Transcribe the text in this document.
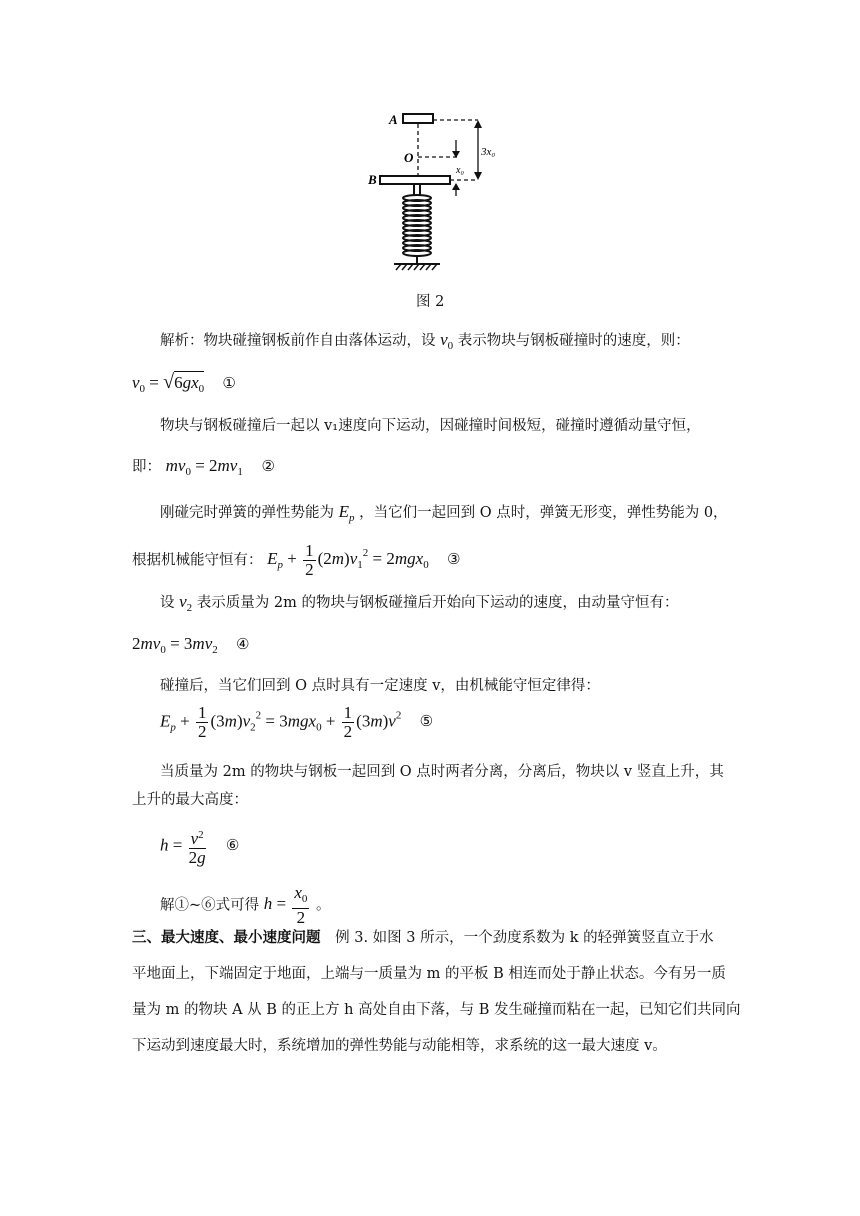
A
O
B
3x₀
x₀
图 2
解析：物块碰撞钢板前作自由落体运动，设 $v_0$ 表示物块与钢板碰撞时的速度，则：
$v_0 = √6gx_0$ ①
物块与钢板碰撞后一起以 v₁速度向下运动，因碰撞时间极短，碰撞时遵循动量守恒，
即： $mv_0 = 2mv_1$ ②
刚碰完时弹簧的弹性势能为 $E_p$ ，当它们一起回到 O 点时，弹簧无形变，弹性势能为 0，
根据机械能守恒有： $E_p + \frac{1}{2} (2m)v_1^2 = 2mgx_0$ ③
设 $v_2$ 表示质量为 2m 的物块与钢板碰撞后开始向下运动的速度，由动量守恒有：
$2mv_0 = 3mv_2$ ④
碰撞后，当它们回到 O 点时具有一定速度 v，由机械能守恒定律得：
$E_p + \frac{1}{2} (3m)v_2^2 = 3mgx_0 + \frac{1}{2} (3m)v^2$ ⑤
当质量为 2m 的物块与钢板一起回到 O 点时两者分离，分离后，物块以 v 竖直上升，其
上升的最大高度：
$h = \frac{v^2}{2g}$ ⑥
解①~⑥式可得 $h = \frac{x_0}{2}$ 。
三、最大速度、最小速度问题 例 3. 如图 3 所示，一个劲度系数为 k 的轻弹簧竖直立于水
平地面上，下端固定于地面，上端与一质量为 m 的平板 B 相连而处于静止状态。今有另一质
量为 m 的物块 A 从 B 的正上方 h 高处自由下落，与 B 发生碰撞而粘在一起，已知它们共同向
下运动到速度最大时，系统增加的弹性势能与动能相等，求系统的这一最大速度 v。
